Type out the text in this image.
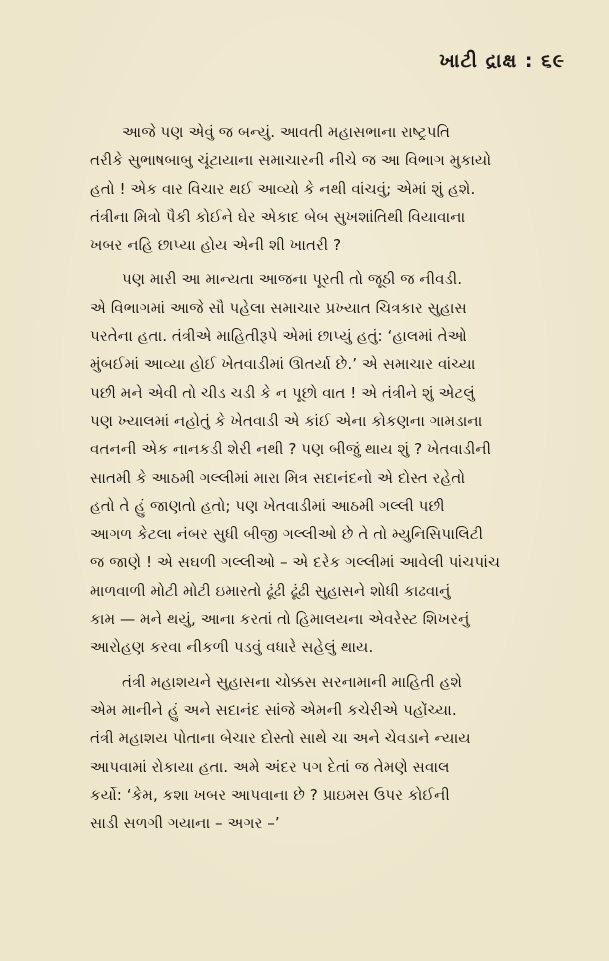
ખાટી દ્રાક્ષ : ૬૯
આજે પણ એવું જ બન્યું. આવતી મહાસભાના રાષ્ટ્રપતિ
તરીકે સુભાષબાબુ ચૂંટાયાના સમાચારની નીચે જ આ વિભાગ મુકાયો
હતો ! એક વાર વિચાર થઈ આવ્યો કે નથી વાંચવું; એમાં શું હશે.
તંત્રીના મિત્રો પૈકી કોઈને ઘેર એકાદ બેબ સુખશાંતિથી વિયાવાના
ખબર નહિ છાપ્યા હોય એની શી ખાતરી ?
પણ મારી આ માન્યતા આજના પૂરતી તો જૂઠી જ નીવડી.
એ વિભાગમાં આજે સૌ પહેલા સમાચાર પ્રખ્યાત ચિત્રકાર સુહાસ
પરતેના હતા. તંત્રીએ માહિતીરૂપે એમાં છાપ્યું હતું: ‘હાલમાં તેઓ
મુંબઈમાં આવ્યા હોઈ ખેતવાડીમાં ઊતર્યા છે.’ એ સમાચાર વાંચ્યા
પછી મને એવી તો ચીડ ચડી કે ન પૂછો વાત ! એ તંત્રીને શું એટલું
પણ ખ્યાલમાં નહોતું કે ખેતવાડી એ કાંઈ એના કોકણના ગામડાના
વતનની એક નાનકડી શેરી નથી ? પણ બીજું થાય શું ? ખેતવાડીની
સાતમી કે આઠમી ગલ્લીમાં મારા મિત્ર સદાનંદનો એ દોસ્ત રહેતો
હતો તે હું જાણતો હતો; પણ ખેતવાડીમાં આઠમી ગલ્લી પછી
આગળ કેટલા નંબર સુધી બીજી ગલ્લીઓ છે તે તો મ્યુનિસિપાલિટી
જ જાણે ! એ સઘળી ગલ્લીઓ – એ દરેક ગલ્લીમાં આવેલી પાંચપાંચ
માળવાળી મોટી મોટી ઇમારતો ઢૂંઢી ઢૂંઢી સુહાસને શોધી કાઢવાનું
કામ — મને થયું, આના કરતાં તો હિમાલયના એવરેસ્ટ શિખરનું
આરોહણ કરવા નીકળી પડવું વધારે સહેલું થાય.
તંત્રી મહાશયને સુહાસના ચોક્કસ સરનામાની માહિતી હશે
એમ માનીને હું અને સદાનંદ સાંજે એમની કચેરીએ પહોંચ્યા.
તંત્રી મહાશય પોતાના બેચાર દોસ્તો સાથે ચા અને ચેવડાને ન્યાય
આપવામાં રોકાયા હતા. અમે અંદર પગ દેતાં જ તેમણે સવાલ
કર્યો: ‘કેમ, કશા ખબર આપવાના છે ? પ્રાઇમસ ઉપર કોઈની
સાડી સળગી ગયાના – અગર –’
